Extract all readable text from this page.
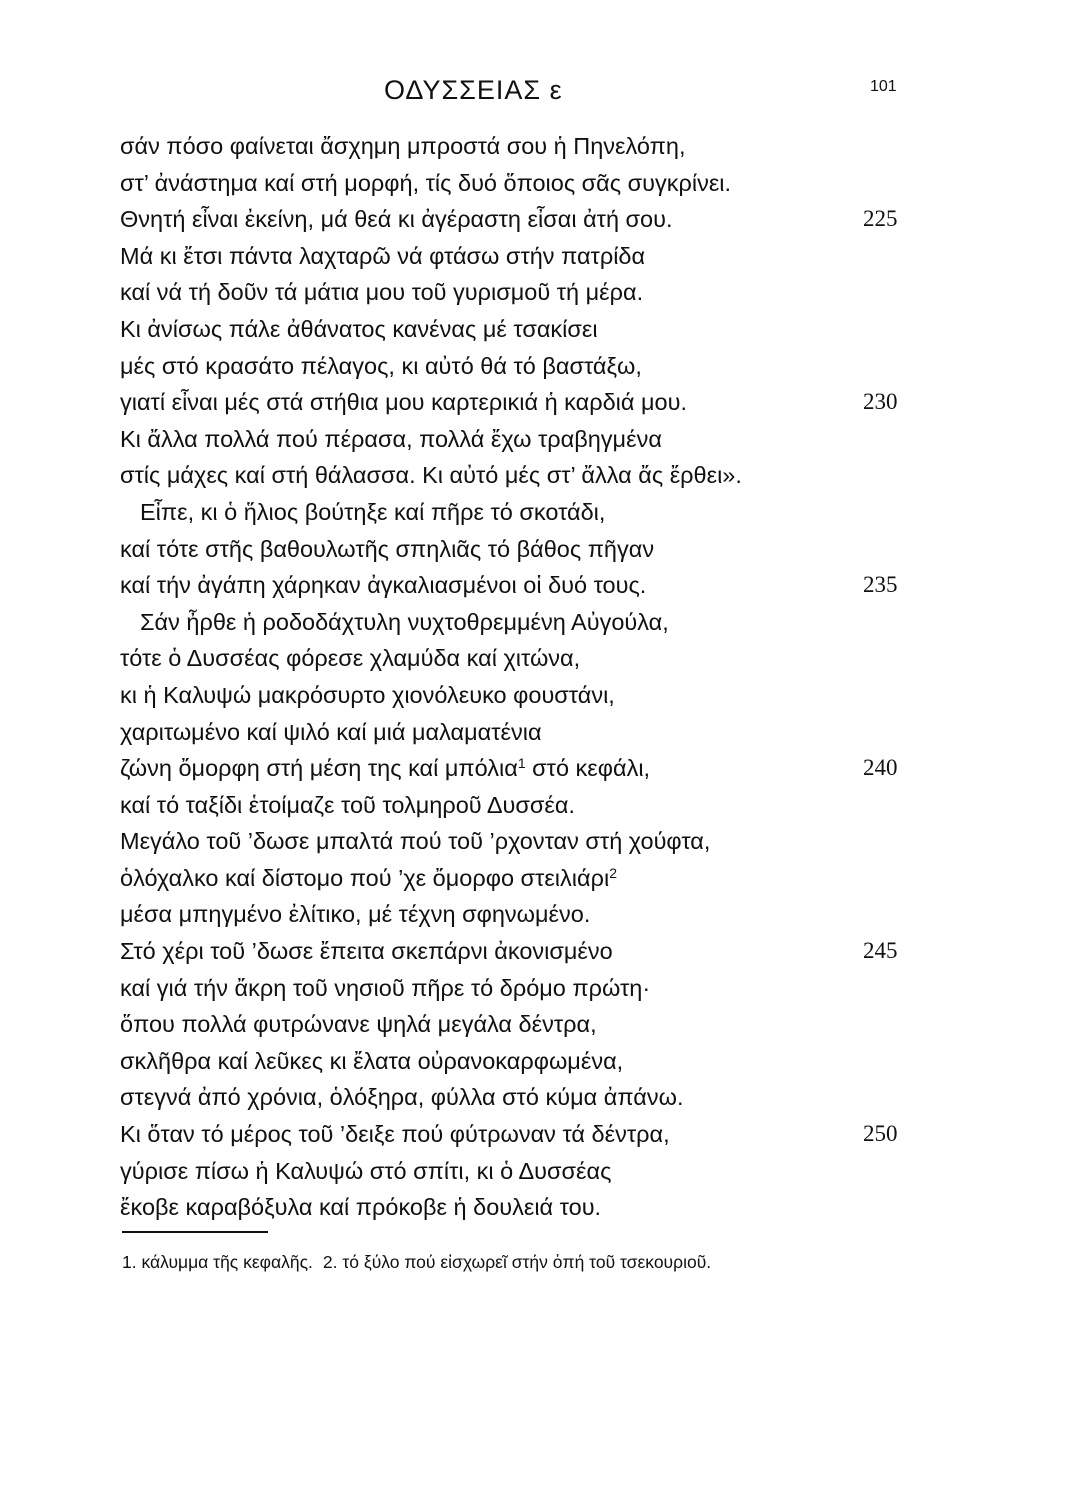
ΟΔΥΣΣΕΙΑΣ ε	101
σάν πόσο φαίνεται ἄσχημη μπροστά σου ἡ Πηνελόπη,
στ’ ἀνάστημα καί στή μορφή, τίς δυό ὅποιος σᾶς συγκρίνει.
Θνητή εἶναι ἐκείνη, μά θεά κι ἀγέραστη εἶσαι ἀτή σου.	225
Μά κι ἔτσι πάντα λαχταρῶ νά φτάσω στήν πατρίδα
καί νά τή δοῦν τά μάτια μου τοῦ γυρισμοῦ τή μέρα.
Κι ἀνίσως πάλε ἀθάνατος κανένας μέ τσακίσει
μές στό κρασάτο πέλαγος, κι αὐτό θά τό βαστάξω,
γιατί εἶναι μές στά στήθια μου καρτερικιά ἡ καρδιά μου.	230
Κι ἄλλα πολλά πού πέρασα, πολλά ἔχω τραβηγμένα
στίς μάχες καί στή θάλασσα. Κι αὐτό μές στ’ ἄλλα ἄς ἔρθει».
Εἶπε, κι ὁ ἥλιος βούτηξε καί πῆρε τό σκοτάδι,
καί τότε στῆς βαθουλωτῆς σπηλιᾶς τό βάθος πῆγαν
καί τήν ἀγάπη χάρηκαν ἀγκαλιασμένοι οἱ δυό τους.	235
Σάν ἦρθε ἡ ροδοδάχτυλη νυχτοθρεμμένη Αὐγούλα,
τότε ὁ Δυσσέας φόρεσε χλαμύδα καί χιτώνα,
κι ἡ Καλυψώ μακρόσυρτο χιονόλευκο φουστάνι,
χαριτωμένο καί ψιλό καί μιά μαλαματένια
ζώνη ὄμορφη στή μέση της καί μπόλια$^1$ στό κεφάλι,	240
καί τό ταξίδι ἑτοίμαζε τοῦ τολμηροῦ Δυσσέα.
Μεγάλο τοῦ ’δωσε μπαλτά πού τοῦ ’ρχονταν στή χούφτα,
ὁλόχαλκο καί δίστομο πού ’χε ὄμορφο στειλιάρι$^2$
μέσα μπηγμένο ἐλίτικο, μέ τέχνη σφηνωμένο.
Στό χέρι τοῦ ’δωσε ἔπειτα σκεπάρνι ἀκονισμένο	245
καί γιά τήν ἄκρη τοῦ νησιοῦ πῆρε τό δρόμο πρώτη·
ὅπου πολλά φυτρώνανε ψηλά μεγάλα δέντρα,
σκλῆθρα καί λεῦκες κι ἔλατα οὐρανοκαρφωμένα,
στεγνά ἀπό χρόνια, ὁλόξηρα, φύλλα στό κύμα ἀπάνω.
Κι ὅταν τό μέρος τοῦ ’δειξε πού φύτρωναν τά δέντρα,	250
γύρισε πίσω ἡ Καλυψώ στό σπίτι, κι ὁ Δυσσέας
ἔκοβε καραβόξυλα καί πρόκοβε ἡ δουλειά του.
1. κάλυμμα τῆς κεφαλῆς. 2. τό ξύλο πού εἰσχωρεῖ στήν ὀπή τοῦ τσεκουριοῦ.
